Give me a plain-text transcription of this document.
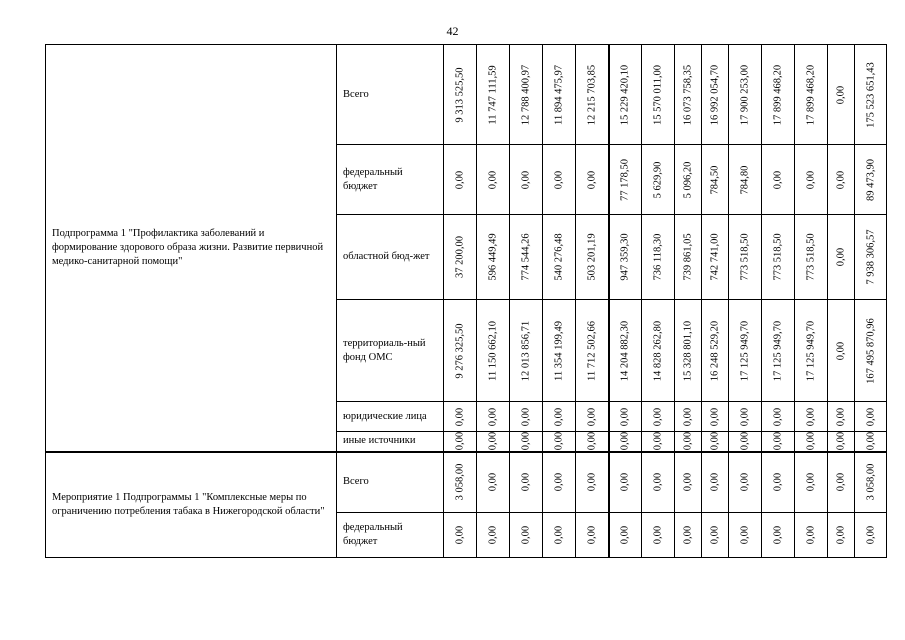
42
Подпрограмма 1 "Профилактика заболеваний и формирование здорового образа жизни. Развитие первичной медико-санитарной помощи"	Всего	9 313 525,50	11 747 111,59	12 788 400,97	11 894 475,97	12 215 703,85	15 229 420,10	15 570 011,00	16 073 758,35	16 992 054,70	17 900 253,00	17 899 468,20	17 899 468,20	0,00	175 523 651,43

	федеральный бюджет	0,00	0,00	0,00	0,00	0,00	77 178,50	5 629,90	5 096,20	784,50	784,80	0,00	0,00	0,00	89 473,90

	областной бюд-жет	37 200,00	596 449,49	774 544,26	540 276,48	503 201,19	947 359,30	736 118,30	739 861,05	742 741,00	773 518,50	773 518,50	773 518,50	0,00	7 938 306,57

	территориаль-ный фонд ОМС	9 276 325,50	11 150 662,10	12 013 856,71	11 354 199,49	11 712 502,66	14 204 882,30	14 828 262,80	15 328 801,10	16 248 529,20	17 125 949,70	17 125 949,70	17 125 949,70	0,00	167 495 870,96

	юридические лица	0,00	0,00	0,00	0,00	0,00	0,00	0,00	0,00	0,00	0,00	0,00	0,00	0,00	0,00

	иные источники	0,00	0,00	0,00	0,00	0,00	0,00	0,00	0,00	0,00	0,00	0,00	0,00	0,00	0,00

Мероприятие 1 Подпрограммы 1 "Комплексные меры по ограничению потребления табака в Нижегородской области"	Всего	3 058,00	0,00	0,00	0,00	0,00	0,00	0,00	0,00	0,00	0,00	0,00	0,00	0,00	3 058,00

	федеральный бюджет	0,00	0,00	0,00	0,00	0,00	0,00	0,00	0,00	0,00	0,00	0,00	0,00	0,00	0,00
